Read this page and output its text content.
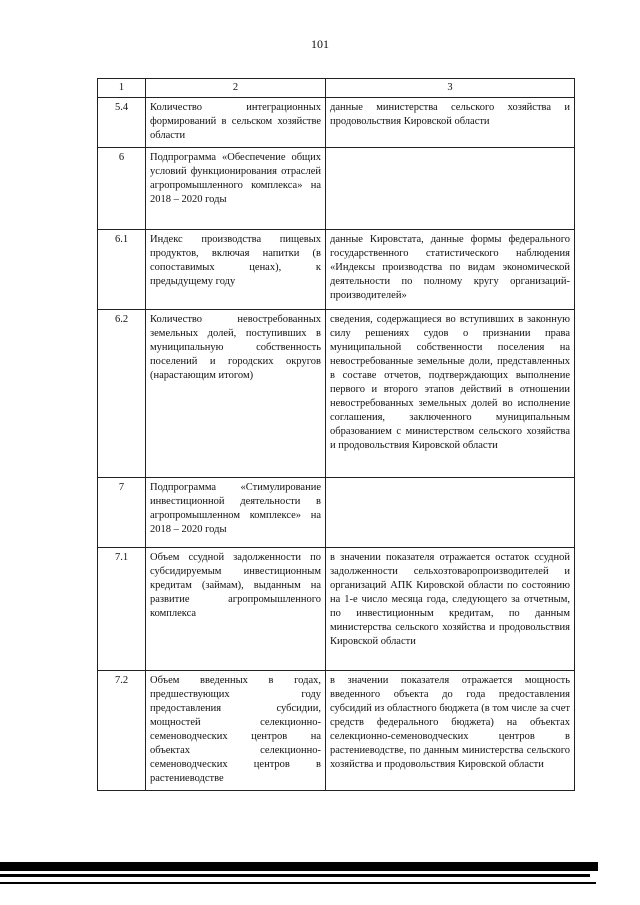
101
1	2	3
5.4	Количество интеграционных формирований в сельском хозяйстве области	данные министерства сельского хозяйства и продовольствия Кировской области
6	Подпрограмма «Обеспечение общих условий функционирования отраслей агропромышленного комплекса» на 2018 – 2020 годы	
6.1	Индекс производства пищевых продуктов, включая напитки (в сопоставимых ценах), к предыдущему году	данные Кировстата, данные формы федерального государственного статистического наблюдения «Индексы производства по видам экономической деятельности по полному кругу организаций-производителей»
6.2	Количество невостребованных земельных долей, поступивших в муниципальную собственность поселений и городских округов (нарастающим итогом)	сведения, содержащиеся во вступивших в законную силу решениях судов о признании права муниципальной собственности поселения на невостребованные земельные доли, представленных в составе отчетов, подтверждающих выполнение первого и второго этапов действий в отношении невостребованных земельных долей во исполнение соглашения, заключенного муниципальным образованием с министерством сельского хозяйства и продовольствия Кировской области
7	Подпрограмма «Стимулирование инвестиционной деятельности в агропромышленном комплексе» на 2018 – 2020 годы	
7.1	Объем ссудной задолженности по субсидируемым инвестиционным кредитам (займам), выданным на развитие агропромышленного комплекса	в значении показателя отражается остаток ссудной задолженности сельхозтоваропроизводителей и организаций АПК Кировской области по состоянию на 1-е число месяца года, следующего за отчетным, по инвестиционным кредитам, по данным министерства сельского хозяйства и продовольствия Кировской области
7.2	Объем введенных в годах, предшествующих году предоставления субсидии, мощностей селекционно-семеноводческих центров на объектах селекционно-семеноводческих центров в растениеводстве	в значении показателя отражается мощность введенного объекта до года предоставления субсидий из областного бюджета (в том числе за счет средств федерального бюджета) на объектах селекционно-семеноводческих центров в растениеводстве, по данным министерства сельского хозяйства и продовольствия Кировской области
